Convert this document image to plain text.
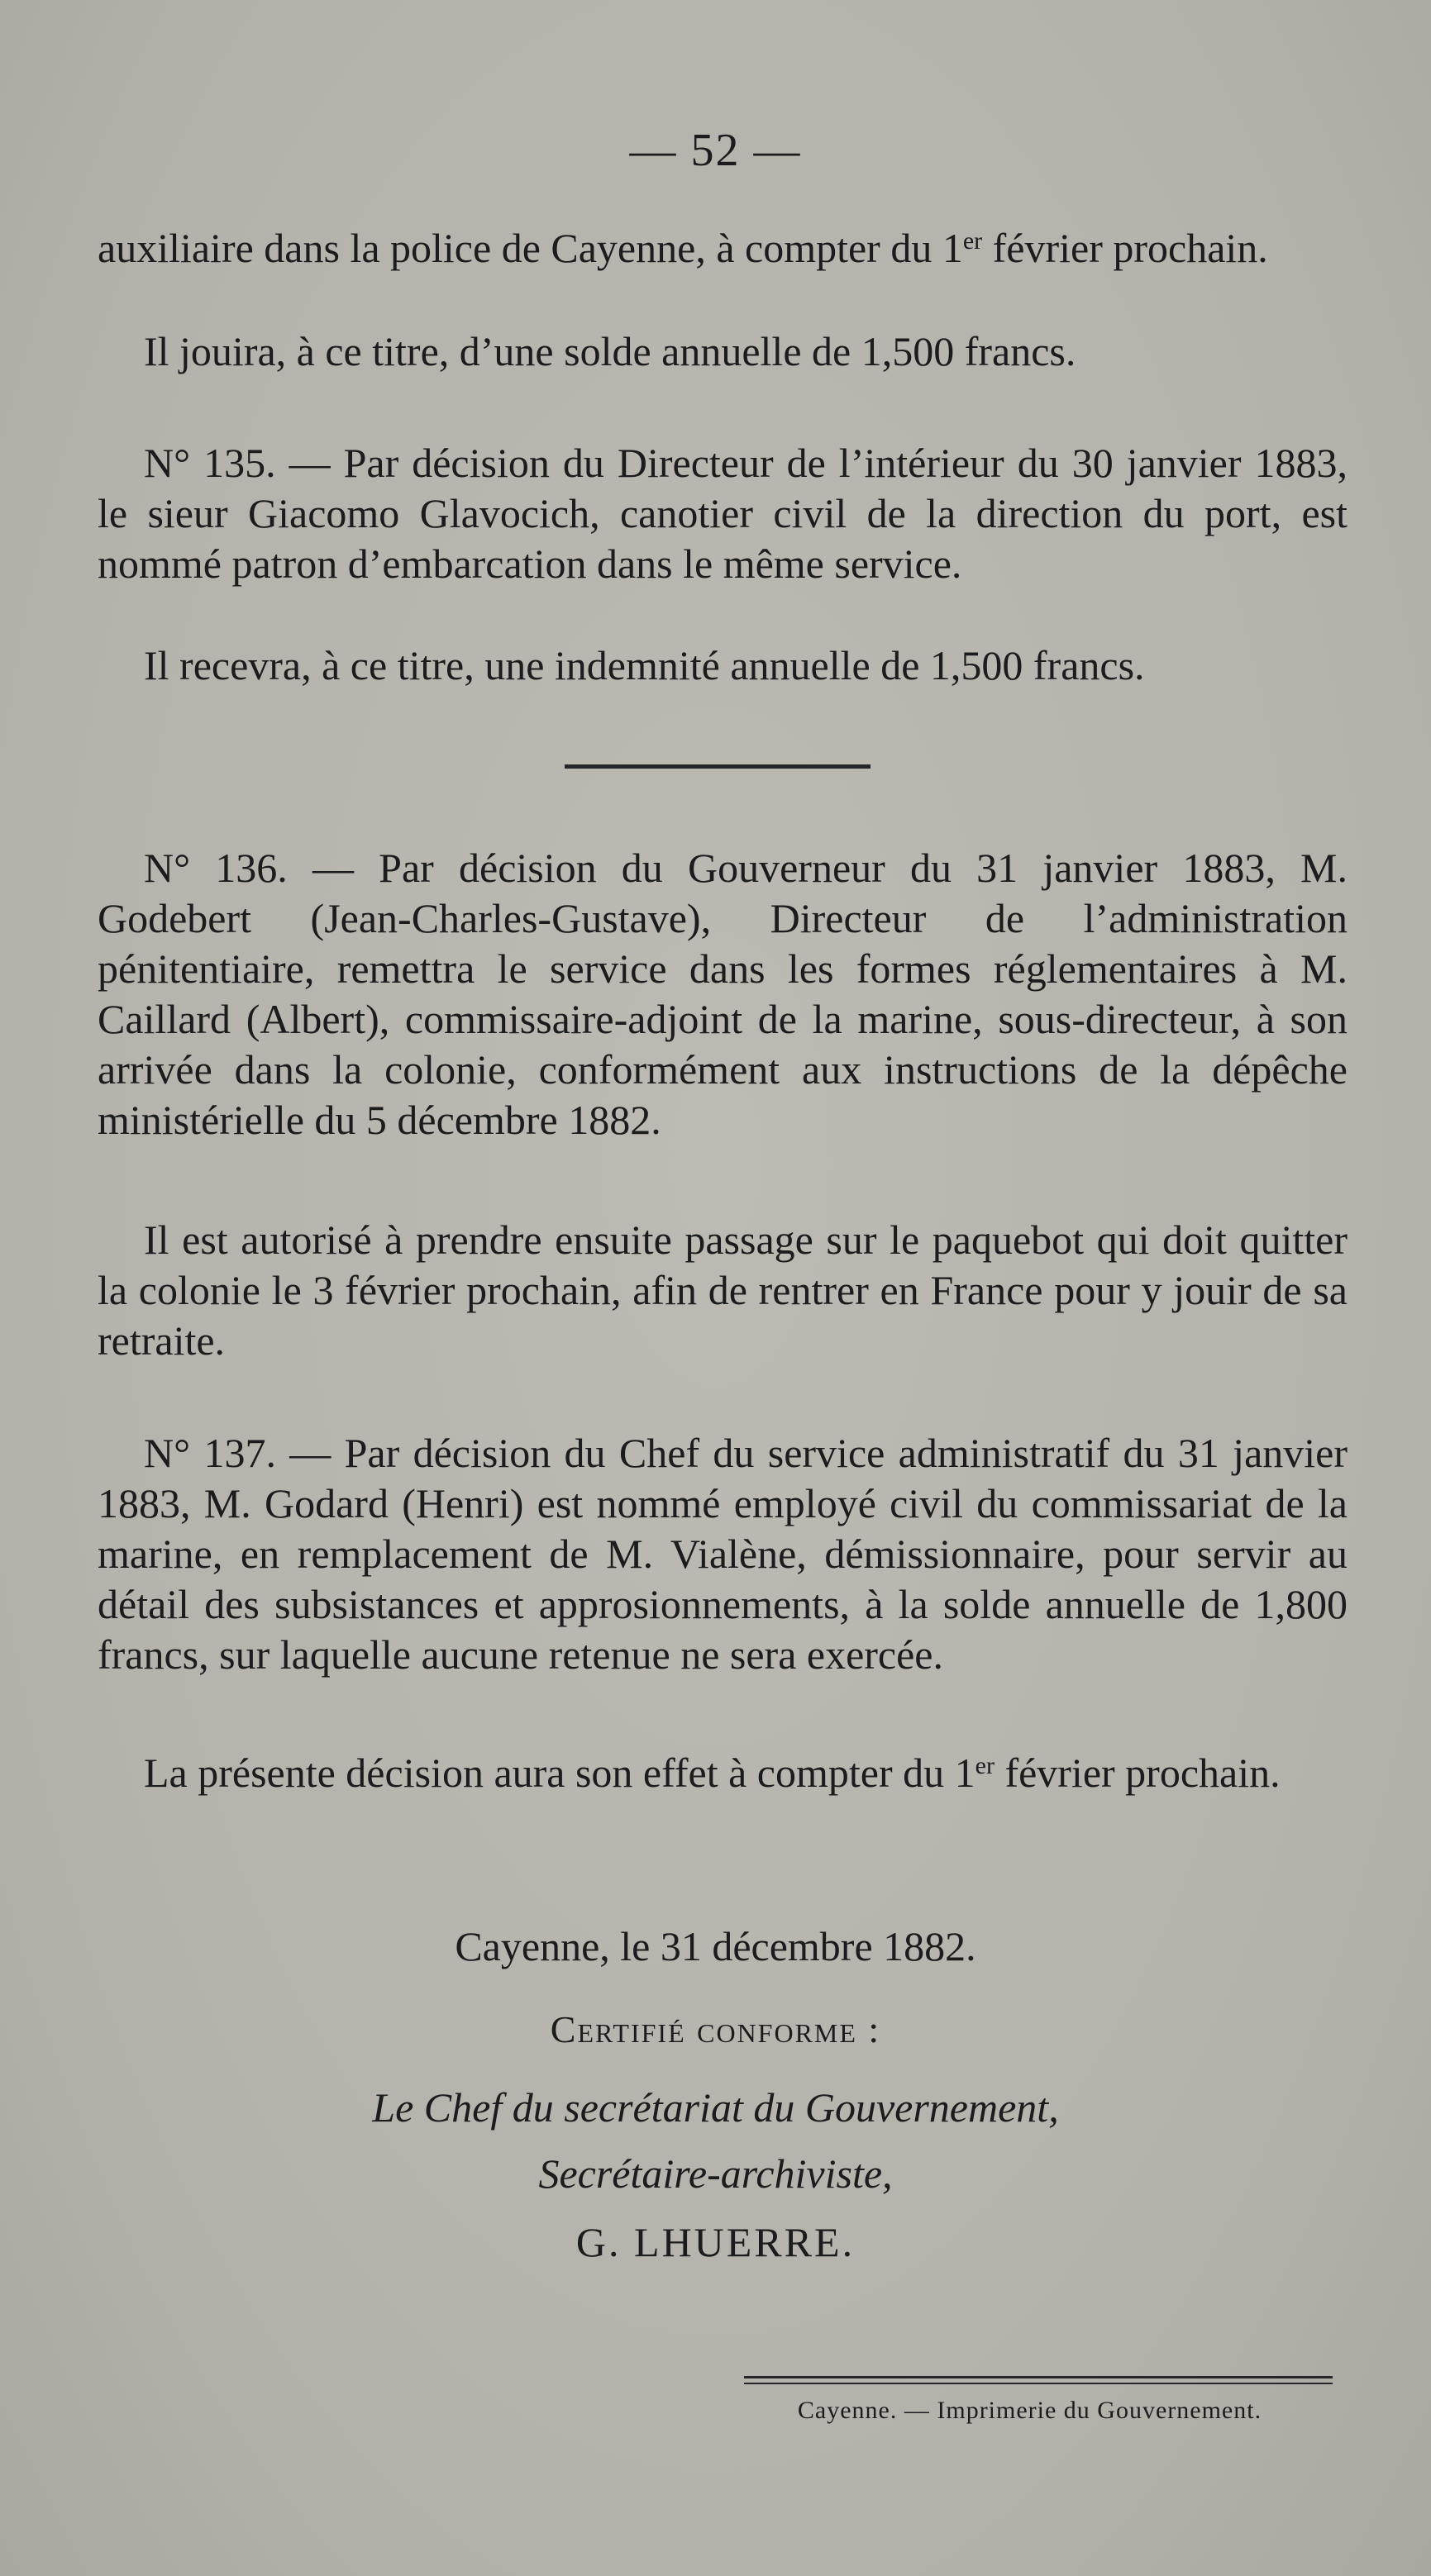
— 52 —

auxiliaire dans la police de Cayenne, à compter du 1er février prochain.

Il jouira, à ce titre, d’une solde annuelle de 1,500 francs.

N° 135. — Par décision du Directeur de l’intérieur du 30 janvier 1883, le sieur Giacomo Glavocich, canotier civil de la direction du port, est nommé patron d’embarcation dans le même service.

Il recevra, à ce titre, une indemnité annuelle de 1,500 francs.

N° 136. — Par décision du Gouverneur du 31 janvier 1883, M. Godebert (Jean-Charles-Gustave), Directeur de l’administration pénitentiaire, remettra le service dans les formes réglementaires à M. Caillard (Albert), commissaire-adjoint de la marine, sous-directeur, à son arrivée dans la colonie, conformément aux instructions de la dépêche ministérielle du 5 décembre 1882.

Il est autorisé à prendre ensuite passage sur le paquebot qui doit quitter la colonie le 3 février prochain, afin de rentrer en France pour y jouir de sa retraite.

N° 137. — Par décision du Chef du service administratif du 31 janvier 1883, M. Godard (Henri) est nommé employé civil du commissariat de la marine, en remplacement de M. Vialène, démissionnaire, pour servir au détail des subsistances et approsionnements, à la solde annuelle de 1,800 francs, sur laquelle aucune retenue ne sera exercée.

La présente décision aura son effet à compter du 1er février prochain.

Cayenne, le 31 décembre 1882.

Certifié conforme :

Le Chef du secrétariat du Gouvernement,

Secrétaire-archiviste,

G. LHUERRE.

Cayenne. — Imprimerie du Gouvernement.
